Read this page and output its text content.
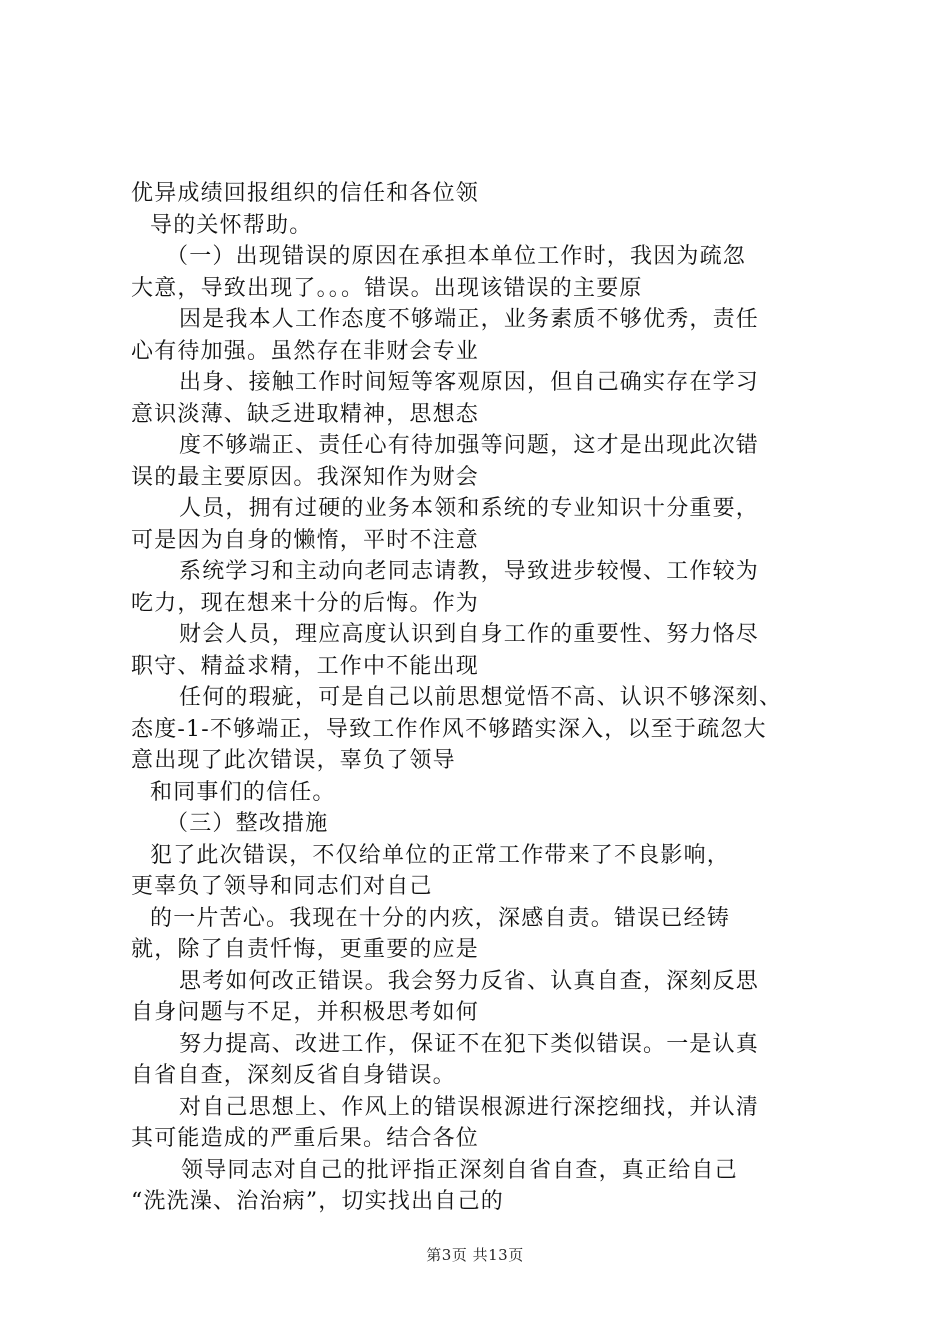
优异成绩回报组织的信任和各位领
导的关怀帮助。
（一）出现错误的原因在承担本单位工作时，我因为疏忽
大意，导致出现了。。。错误。出现该错误的主要原
因是我本人工作态度不够端正，业务素质不够优秀，责任
心有待加强。虽然存在非财会专业
出身、接触工作时间短等客观原因，但自己确实存在学习
意识淡薄、缺乏进取精神，思想态
度不够端正、责任心有待加强等问题，这才是出现此次错
误的最主要原因。我深知作为财会
人员，拥有过硬的业务本领和系统的专业知识十分重要，
可是因为自身的懒惰，平时不注意
系统学习和主动向老同志请教，导致进步较慢、工作较为
吃力，现在想来十分的后悔。作为
财会人员，理应高度认识到自身工作的重要性、努力恪尽
职守、精益求精，工作中不能出现
任何的瑕疵，可是自己以前思想觉悟不高、认识不够深刻、
态度-1-不够端正，导致工作作风不够踏实深入，以至于疏忽大
意出现了此次错误，辜负了领导
和同事们的信任。
（三）整改措施
犯了此次错误，不仅给单位的正常工作带来了不良影响，
更辜负了领导和同志们对自己
的一片苦心。我现在十分的内疚，深感自责。错误已经铸
就，除了自责忏悔，更重要的应是
思考如何改正错误。我会努力反省、认真自查，深刻反思
自身问题与不足，并积极思考如何
努力提高、改进工作，保证不在犯下类似错误。一是认真
自省自查，深刻反省自身错误。
对自己思想上、作风上的错误根源进行深挖细找，并认清
其可能造成的严重后果。结合各位
领导同志对自己的批评指正深刻自省自查，真正给自己
“洗洗澡、治治病”，切实找出自己的
第3页 共13页
